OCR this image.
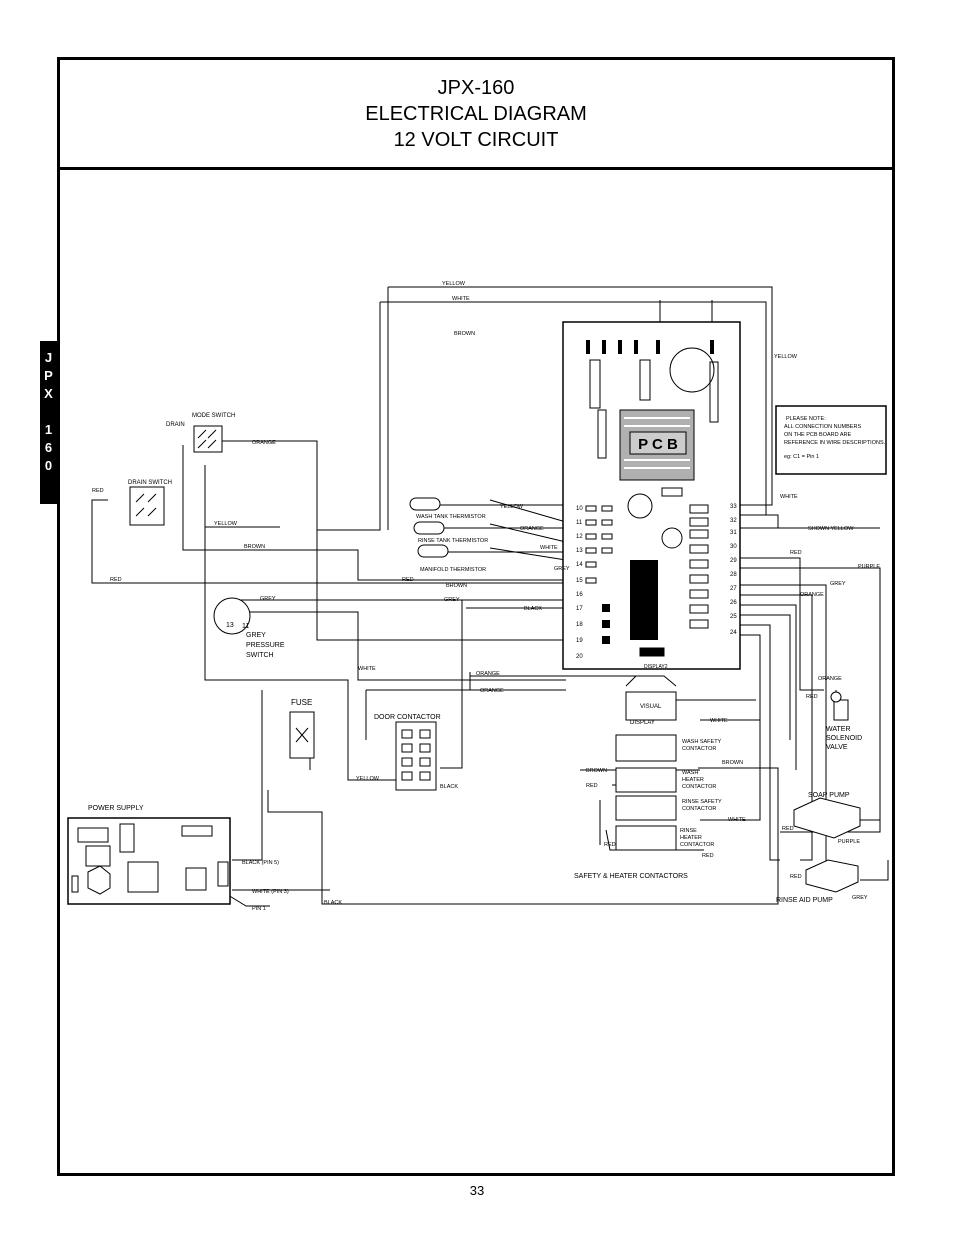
JPX-160
ELECTRICAL DIAGRAM
12 VOLT CIRCUIT
J
P
X
1
6
0
P C B
10
11
12
13
14
15
16
17
18
19
20
33
32
31
30
29
28
27
26
25
24
PLEASE NOTE:
ALL CONNECTION NUMBERS
ON THE PCB BOARD ARE
REFERENCE IN WIRE DESCRIPTIONS.
eg: C1 = Pin 1
MODE SWITCH
DRAIN
DRAIN SWITCH
13 11
GREY
PRESSURE
SWITCH
WASH TANK THERMISTOR
RINSE TANK THERMISTOR
MANIFOLD THERMISTOR
FUSE
DOOR CONTACTOR
POWER SUPPLY
VISUAL
DISPLAY
DISPLAY2
WASH SAFETY
CONTACTOR
WASH
HEATER
CONTACTOR
RINSE SAFETY
CONTACTOR
RINSE
HEATER
CONTACTOR
SAFETY & HEATER CONTACTORS
WATER
SOLENOID
VALVE
SOAP PUMP
RINSE AID PUMP
YELLOW
WHITE
BROWN
YELLOW
ORANGE
YELLOW
ORANGE
WHITE
BROWN
YELLOW
RED
RED
RED
BROWN
GREY	GREY
GREY
BLACK
WHITE
ORANGE
ORANGE
WHITE
SHOWN YELLOW
RED
PURPLE
GREY
ORANGE
ORANGE
RED
WHITE
BROWN
BROWN
RED
WHITE
RED
RED
RED
PURPLE
RED
GREY
YELLOW
BLACK
BLACK (PIN 5)
WHITE (PIN 3)
PIN 1
BLACK
33
